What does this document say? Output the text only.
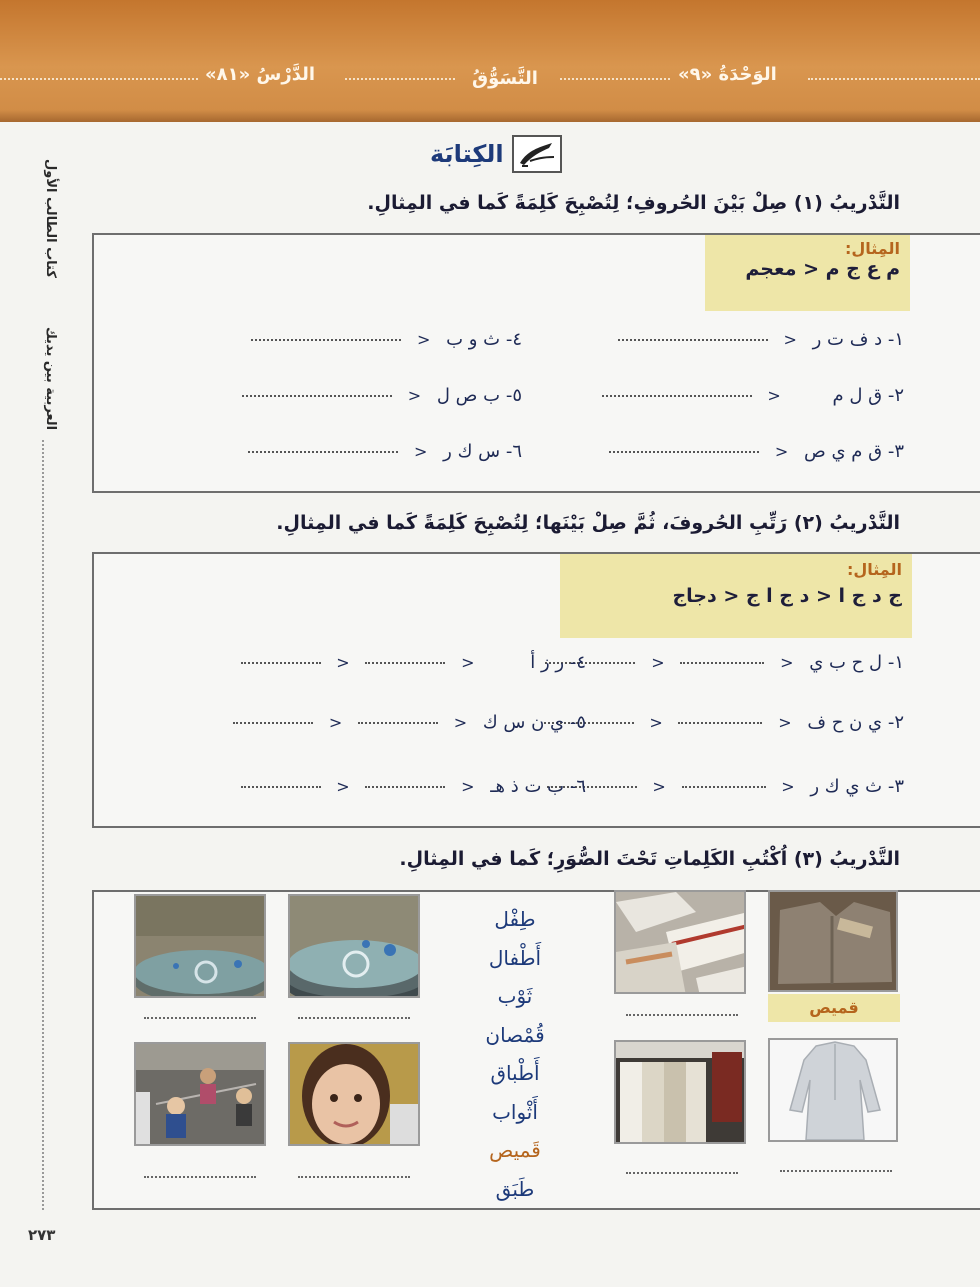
الدَّرْسُ «٨١»	التَّسَوُّقُ	الوَحْدَةُ «٩»
العربية بين يديك  كتاب الطالب الأول
٢٧٣
الكِتابَة
التَّدْريبُ (١) صِلْ بَيْنَ الحُروفِ؛ لِتُصْبِحَ كَلِمَةً كَما في المِثالِ.
المِثال:
م ع ج م < معجم
١- د ف ت ر <
٢- ق ل م <
٣- ق م ي ص <
٤- ث و ب <
٥- ب ص ل <
٦- س ك ر <
التَّدْريبُ (٢) رَتِّبِ الحُروفَ، ثُمَّ صِلْ بَيْنَها؛ لِتُصْبِحَ كَلِمَةً كَما في المِثالِ.
المِثال:
ج د ج ا < د ج ا ج < دجاج
١- ل ح ب ي <  <
٢- ي ن ح ف <  <
٣- ث ي ك ر <  <
٤- ر ز أ <  <
٥- ي ن س ك <  <
٦- ب ت ذ هـ <  <
التَّدْريبُ (٣) اُكْتُبِ الكَلِماتِ تَحْتَ الصُّوَرِ؛ كَما في المِثالِ.
قميص
طِفْل
أَطْفال
ثَوْب
قُمْصان
أَطْباق
أَثْواب
قَميص
طَبَق
